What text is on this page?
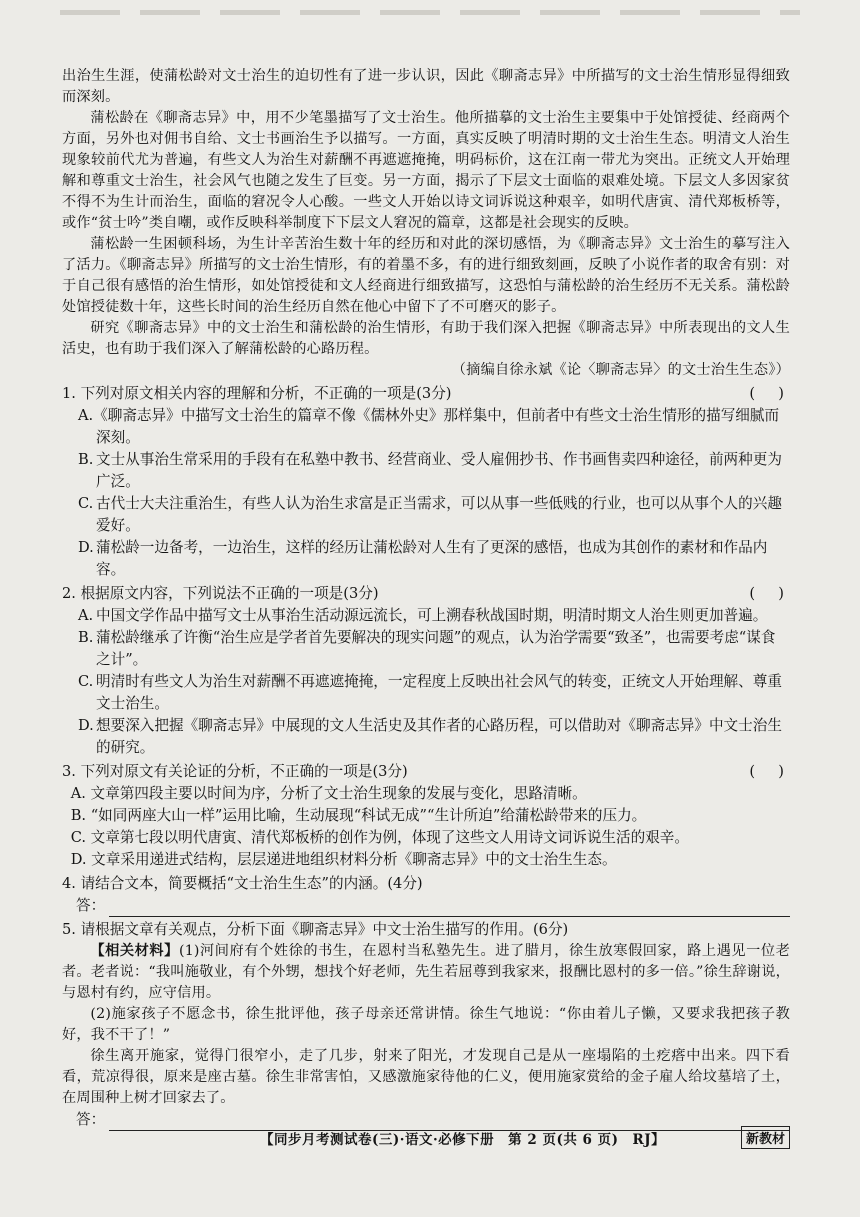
出治生生涯，使蒲松龄对文士治生的迫切性有了进一步认识，因此《聊斋志异》中所描写的文士治生情形显得细致而深刻。

蒲松龄在《聊斋志异》中，用不少笔墨描写了文士治生。他所描摹的文士治生主要集中于处馆授徒、经商两个方面，另外也对佣书自给、文士书画治生予以描写。一方面，真实反映了明清时期的文士治生生态。明清文人治生现象较前代尤为普遍，有些文人为治生对薪酬不再遮遮掩掩，明码标价，这在江南一带尤为突出。正统文人开始理解和尊重文士治生，社会风气也随之发生了巨变。另一方面，揭示了下层文士面临的艰难处境。下层文人多因家贫不得不为生计而治生，面临的窘况令人心酸。一些文人开始以诗文词诉说这种艰辛，如明代唐寅、清代郑板桥等，或作“贫士吟”类自嘲，或作反映科举制度下下层文人窘况的篇章，这都是社会现实的反映。

蒲松龄一生困顿科场，为生计辛苦治生数十年的经历和对此的深切感悟，为《聊斋志异》文士治生的摹写注入了活力。《聊斋志异》所描写的文士治生情形，有的着墨不多，有的进行细致刻画，反映了小说作者的取舍有别：对于自己很有感悟的治生情形，如处馆授徒和文人经商进行细致描写，这恐怕与蒲松龄的治生经历不无关系。蒲松龄处馆授徒数十年，这些长时间的治生经历自然在他心中留下了不可磨灭的影子。

研究《聊斋志异》中的文士治生和蒲松龄的治生情形，有助于我们深入把握《聊斋志异》中所表现出的文人生活史，也有助于我们深入了解蒲松龄的心路历程。

（摘编自徐永斌《论〈聊斋志异〉的文士治生生态》）

1. 下列对原文相关内容的理解和分析，不正确的一项是(3分)	(     )
A.《聊斋志异》中描写文士治生的篇章不像《儒林外史》那样集中，但前者中有些文士治生情形的描写细腻而深刻。
B. 文士从事治生常采用的手段有在私塾中教书、经营商业、受人雇佣抄书、作书画售卖四种途径，前两种更为广泛。
C. 古代士大夫注重治生，有些人认为治生求富是正当需求，可以从事一些低贱的行业，也可以从事个人的兴趣爱好。
D. 蒲松龄一边备考，一边治生，这样的经历让蒲松龄对人生有了更深的感悟，也成为其创作的素材和作品内容。
2. 根据原文内容，下列说法不正确的一项是(3分)	(     )
A. 中国文学作品中描写文士从事治生活动源远流长，可上溯春秋战国时期，明清时期文人治生则更加普遍。
B. 蒲松龄继承了许衡“治生应是学者首先要解决的现实问题”的观点，认为治学需要“致圣”，也需要考虑“谋食之计”。
C. 明清时有些文人为治生对薪酬不再遮遮掩掩，一定程度上反映出社会风气的转变，正统文人开始理解、尊重文士治生。
D. 想要深入把握《聊斋志异》中展现的文人生活史及其作者的心路历程，可以借助对《聊斋志异》中文士治生的研究。
3. 下列对原文有关论证的分析，不正确的一项是(3分)	(     )
A. 文章第四段主要以时间为序，分析了文士治生现象的发展与变化，思路清晰。
B. “如同两座大山一样”运用比喻，生动展现“科试无成”“生计所迫”给蒲松龄带来的压力。
C. 文章第七段以明代唐寅、清代郑板桥的创作为例，体现了这些文人用诗文词诉说生活的艰辛。
D. 文章采用递进式结构，层层递进地组织材料分析《聊斋志异》中的文士治生生态。
4. 请结合文本，简要概括“文士治生生态”的内涵。(4分)
答：
5. 请根据文章有关观点，分析下面《聊斋志异》中文士治生描写的作用。(6分)

【相关材料】(1)河间府有个姓徐的书生，在恩村当私塾先生。进了腊月，徐生放寒假回家，路上遇见一位老者。老者说：“我叫施敬业，有个外甥，想找个好老师，先生若屈尊到我家来，报酬比恩村的多一倍。”徐生辞谢说，与恩村有约，应守信用。

(2)施家孩子不愿念书，徐生批评他，孩子母亲还常讲情。徐生气地说：“你由着儿子懒，又要求我把孩子教好，我不干了！”

徐生离开施家，觉得门很窄小，走了几步，射来了阳光，才发现自己是从一座塌陷的土疙瘩中出来。四下看看，荒凉得很，原来是座古墓。徐生非常害怕，又感激施家待他的仁义，便用施家赏给的金子雇人给坟墓培了土，在周围种上树才回家去了。

答：
【同步月考测试卷(三)·语文·必修下册　第 2 页(共 6 页)　RJ】	新教材
